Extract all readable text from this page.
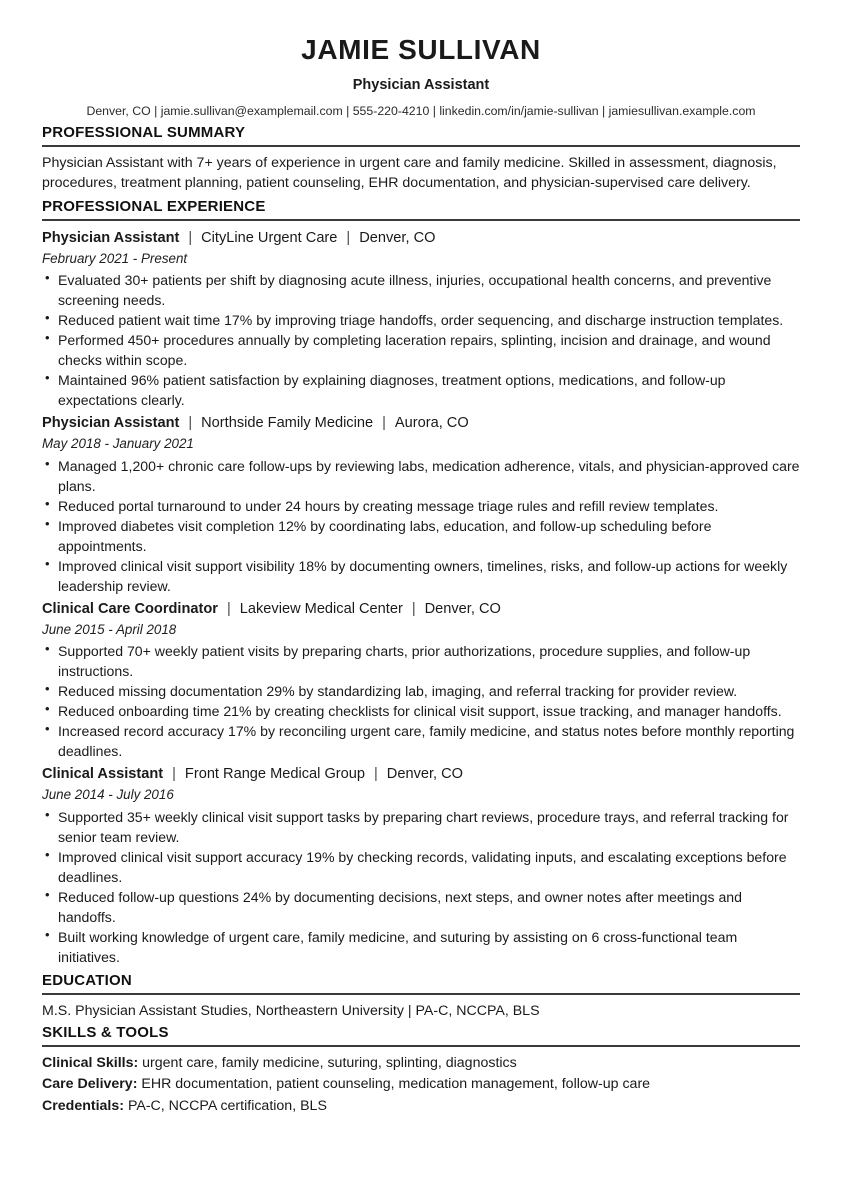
JAMIE SULLIVAN
Physician Assistant
Denver, CO | jamie.sullivan@examplemail.com | 555-220-4210 | linkedin.com/in/jamie-sullivan | jamiesullivan.example.com
PROFESSIONAL SUMMARY

Physician Assistant with 7+ years of experience in urgent care and family medicine. Skilled in assessment, diagnosis, procedures, treatment planning, patient counseling, EHR documentation, and physician-supervised care delivery.

PROFESSIONAL EXPERIENCE
Physician Assistant | CityLine Urgent Care | Denver, CO
February 2021 - Present
• Evaluated 30+ patients per shift by diagnosing acute illness, injuries, occupational health concerns, and preventive screening needs.
• Reduced patient wait time 17% by improving triage handoffs, order sequencing, and discharge instruction templates.
• Performed 450+ procedures annually by completing laceration repairs, splinting, incision and drainage, and wound checks within scope.
• Maintained 96% patient satisfaction by explaining diagnoses, treatment options, medications, and follow-up expectations clearly.
Physician Assistant | Northside Family Medicine | Aurora, CO
May 2018 - January 2021
• Managed 1,200+ chronic care follow-ups by reviewing labs, medication adherence, vitals, and physician-approved care plans.
• Reduced portal turnaround to under 24 hours by creating message triage rules and refill review templates.
• Improved diabetes visit completion 12% by coordinating labs, education, and follow-up scheduling before appointments.
• Improved clinical visit support visibility 18% by documenting owners, timelines, risks, and follow-up actions for weekly leadership review.
Clinical Care Coordinator | Lakeview Medical Center | Denver, CO
June 2015 - April 2018
• Supported 70+ weekly patient visits by preparing charts, prior authorizations, procedure supplies, and follow-up instructions.
• Reduced missing documentation 29% by standardizing lab, imaging, and referral tracking for provider review.
• Reduced onboarding time 21% by creating checklists for clinical visit support, issue tracking, and manager handoffs.
• Increased record accuracy 17% by reconciling urgent care, family medicine, and status notes before monthly reporting deadlines.
Clinical Assistant | Front Range Medical Group | Denver, CO
June 2014 - July 2016
• Supported 35+ weekly clinical visit support tasks by preparing chart reviews, procedure trays, and referral tracking for senior team review.
• Improved clinical visit support accuracy 19% by checking records, validating inputs, and escalating exceptions before deadlines.
• Reduced follow-up questions 24% by documenting decisions, next steps, and owner notes after meetings and handoffs.
• Built working knowledge of urgent care, family medicine, and suturing by assisting on 6 cross-functional team initiatives.
EDUCATION
M.S. Physician Assistant Studies, Northeastern University | PA-C, NCCPA, BLS
SKILLS & TOOLS
Clinical Skills: urgent care, family medicine, suturing, splinting, diagnostics
Care Delivery: EHR documentation, patient counseling, medication management, follow-up care
Credentials: PA-C, NCCPA certification, BLS
